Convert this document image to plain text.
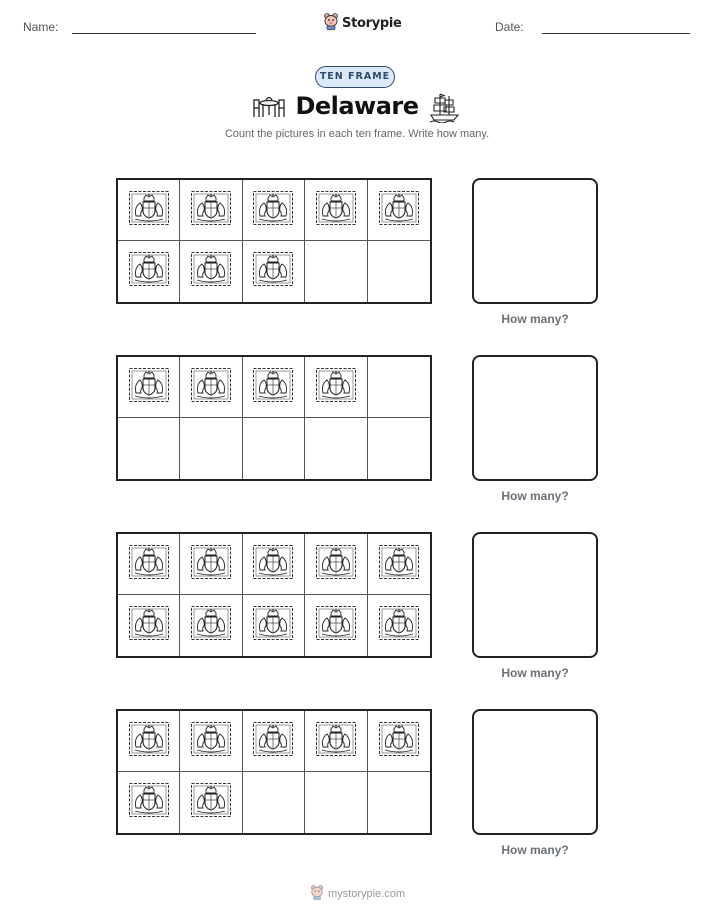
Name:	Storypie	Date:
TEN FRAME
Delaware
Count the pictures in each ten frame. Write how many.
How many?
How many?
How many?
How many?
mystorypie.com
